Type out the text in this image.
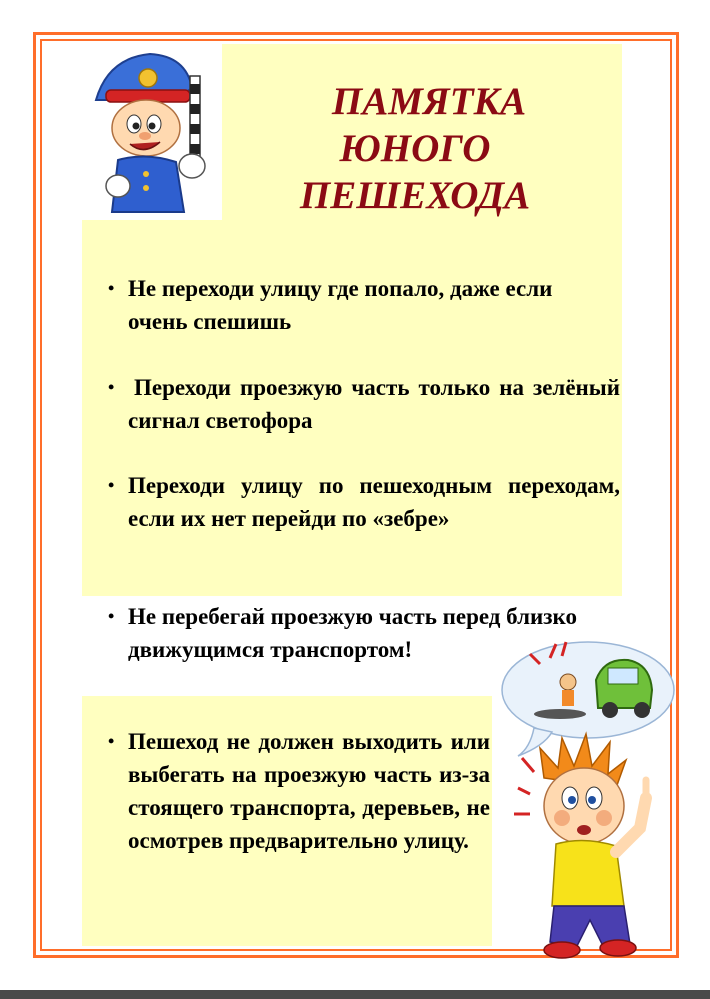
ПАМЯТКА
ЮНОГО
ПЕШЕХОДА
• Не переходи улицу где попало, даже если очень спешишь
• Переходи проезжую часть только на зелёный сигнал светофора
• Переходи улицу по пешеходным переходам, если их нет перейди по «зебре»
• Не перебегай проезжую часть перед близко движущимся транспортом!
• Пешеход не должен выходить или выбегать на проезжую часть из-за стоящего транспорта, деревьев, не осмотрев предварительно улицу.
